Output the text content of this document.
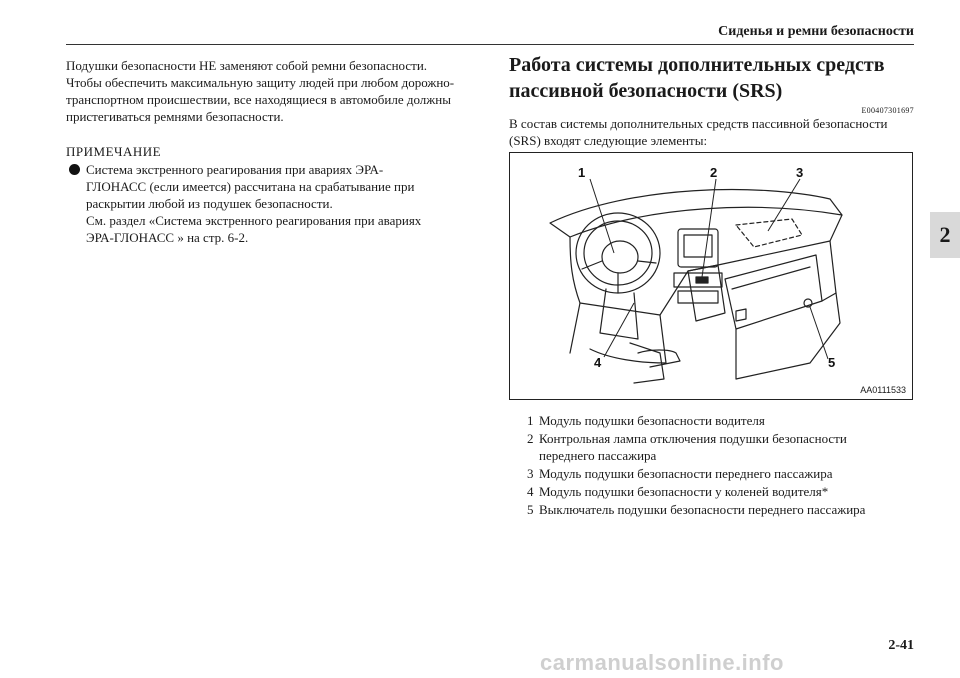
Сиденья и ремни безопасности
2

Подушки безопасности НЕ заменяют собой ремни безопасности.

Чтобы обеспечить максимальную защиту людей при любом дорожно-

транспортном происшествии, все находящиеся в автомобиле должны

пристегиваться ремнями безопасности.

ПРИМЕЧАНИЕ

Система экстренного реагирования при авариях ЭРА-

ГЛОНАСС (если имеется) рассчитана на срабатывание при

раскрытии любой из подушек безопасности.

См. раздел «Система экстренного реагирования при авариях

ЭРА-ГЛОНАСС » на стр. 6-2.

Работа системы дополнительных средств
пассивной безопасности (SRS)
E00407301697

В состав системы дополнительных средств пассивной безопасности

(SRS) входят следующие элементы:

1	2	3
4	5
AA0111533
1 Модуль подушки безопасности водителя
2 Контрольная лампа отключения подушки безопасности
переднего пассажира
3 Модуль подушки безопасности переднего пассажира
4 Модуль подушки безопасности у коленей водителя*
5 Выключатель подушки безопасности переднего пассажира
2-41
carmanualsonline.info
